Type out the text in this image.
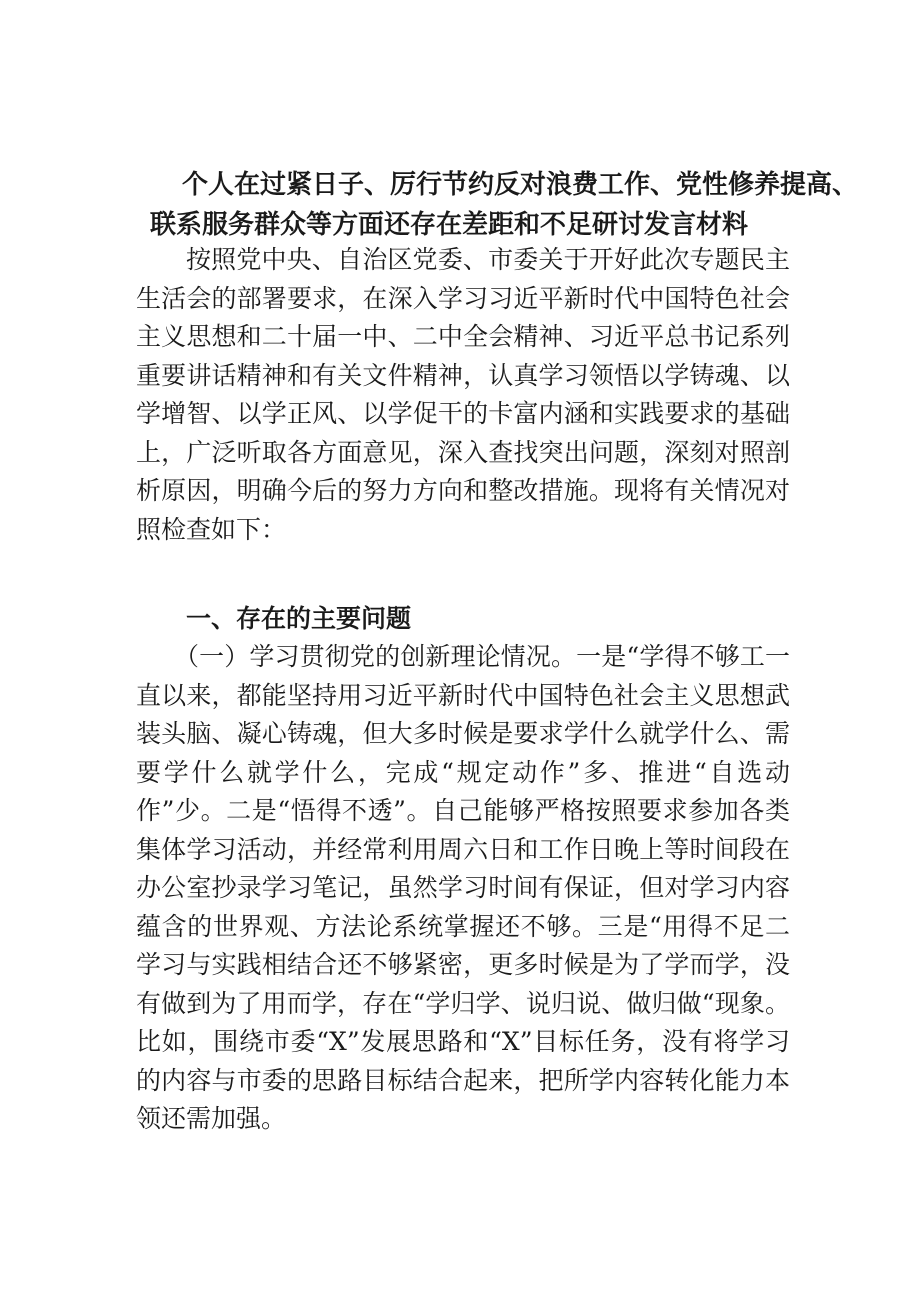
个人在过紧日子、厉行节约反对浪费工作、党性修养提高、
联系服务群众等方面还存在差距和不足研讨发言材料

按照党中央、自治区党委、市委关于开好此次专题民主生活会的部署要求，在深入学习习近平新时代中国特色社会主义思想和二十届一中、二中全会精神、习近平总书记系列重要讲话精神和有关文件精神，认真学习领悟以学铸魂、以学增智、以学正风、以学促干的卡富内涵和实践要求的基础上，广泛听取各方面意见，深入查找突出问题，深刻对照剖析原因，明确今后的努力方向和整改措施。现将有关情况对照检查如下：

一、存在的主要问题

（一）学习贯彻党的创新理论情况。一是“学得不够工一直以来，都能坚持用习近平新时代中国特色社会主义思想武装头脑、凝心铸魂，但大多时候是要求学什么就学什么、需要学什么就学什么，完成“规定动作”多、推进“自选动作”少。二是“悟得不透”。自己能够严格按照要求参加各类集体学习活动，并经常利用周六日和工作日晚上等时间段在办公室抄录学习笔记，虽然学习时间有保证，但对学习内容蕴含的世界观、方法论系统掌握还不够。三是“用得不足二学习与实践相结合还不够紧密，更多时候是为了学而学，没有做到为了用而学，存在“学归学、说归说、做归做“现象。比如，围绕市委“X”发展思路和“X”目标任务，没有将学习的内容与市委的思路目标结合起来，把所学内容转化能力本领还需加强。
